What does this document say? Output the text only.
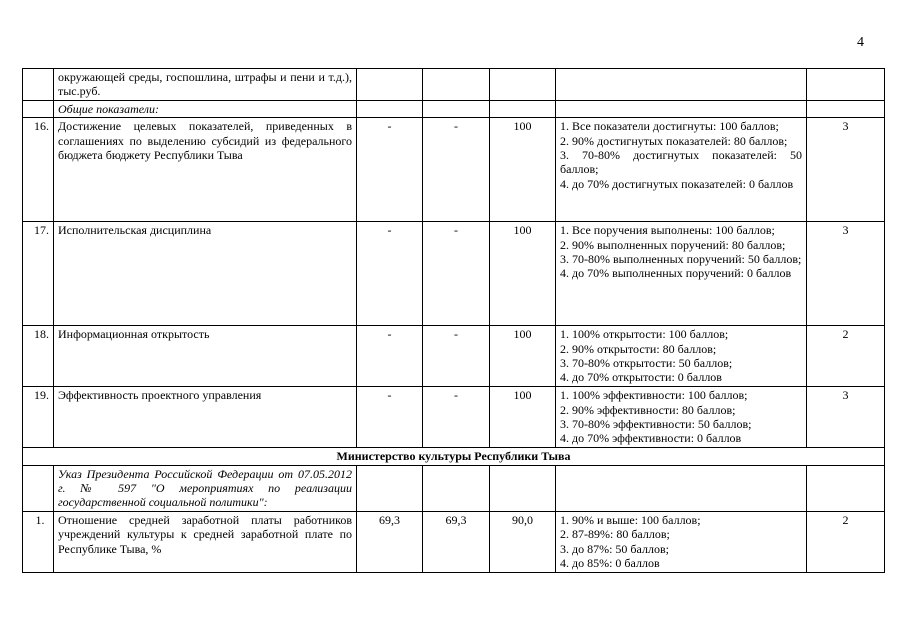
4
	окружающей среды, госпошлина, штрафы и пени и т.д.), тыс.руб.					
	Общие показатели:					
16.	Достижение целевых показателей, приведенных в соглашениях по выделению субсидий из федерального бюджета бюджету Республики Тыва	-	-	100	1. Все показатели достигнуты: 100 баллов;
2. 90% достигнутых показателей: 80 баллов;
3. 70-80% достигнутых показателей: 50 баллов;
4. до 70% достигнутых показателей: 0 баллов	3
17.	Исполнительская дисциплина	-	-	100	1. Все поручения выполнены: 100 баллов;
2. 90% выполненных поручений: 80 баллов;
3. 70-80% выполненных поручений: 50 баллов;
4. до 70% выполненных поручений: 0 баллов	3
18.	Информационная открытость	-	-	100	1. 100% открытости: 100 баллов;
2. 90% открытости: 80 баллов;
3. 70-80% открытости: 50 баллов;
4. до 70% открытости: 0 баллов	2
19.	Эффективность проектного управления	-	-	100	1. 100% эффективности: 100 баллов;
2. 90% эффективности: 80 баллов;
3. 70-80% эффективности: 50 баллов;
4. до 70% эффективности: 0 баллов	3
Министерство культуры Республики Тыва						
	Указ Президента Российской Федерации от 07.05.2012 г. № 597 "О мероприятиях по реализации государственной социальной политики":					
1.	Отношение средней заработной платы работников учреждений культуры к средней заработной плате по Республике Тыва, %	69,3	69,3	90,0	1. 90% и выше: 100 баллов;
2. 87-89%: 80 баллов;
3. до 87%: 50 баллов;
4. до 85%: 0 баллов	2
